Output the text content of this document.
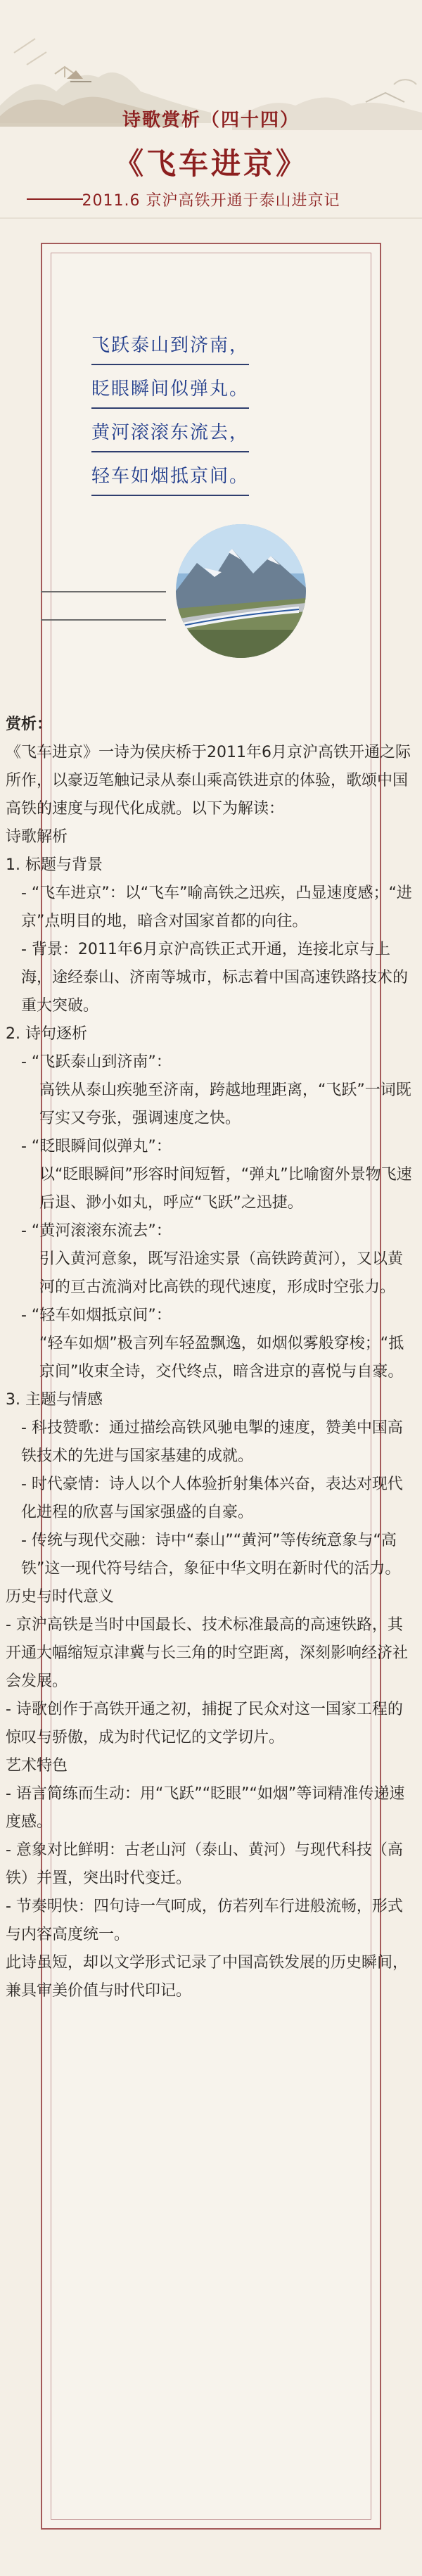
诗歌赏析（四十四）
《飞车进京》
2011.6 京沪高铁开通于泰山进京记
飞跃泰山到济南，
眨眼瞬间似弹丸。
黄河滚滚东流去，
轻车如烟抵京间。

赏析：

《飞车进京》一诗为侯庆桥于2011年6月京沪高铁开通之际所作，以豪迈笔触记录从泰山乘高铁进京的体验，歌颂中国高铁的速度与现代化成就。以下为解读：

诗歌解析

1. 标题与背景

- “飞车进京”：以“飞车”喻高铁之迅疾，凸显速度感；“进京”点明目的地，暗含对国家首都的向往。

- 背景：2011年6月京沪高铁正式开通，连接北京与上海，途经泰山、济南等城市，标志着中国高速铁路技术的重大突破。

2. 诗句逐析

- “飞跃泰山到济南”：

高铁从泰山疾驰至济南，跨越地理距离，“飞跃”一词既写实又夸张，强调速度之快。

- “眨眼瞬间似弹丸”：

以“眨眼瞬间”形容时间短暂，“弹丸”比喻窗外景物飞速后退、渺小如丸，呼应“飞跃”之迅捷。

- “黄河滚滚东流去”：

引入黄河意象，既写沿途实景（高铁跨黄河），又以黄河的亘古流淌对比高铁的现代速度，形成时空张力。

- “轻车如烟抵京间”：

“轻车如烟”极言列车轻盈飘逸，如烟似雾般穿梭；“抵京间”收束全诗，交代终点，暗含进京的喜悦与自豪。

3. 主题与情感

- 科技赞歌：通过描绘高铁风驰电掣的速度，赞美中国高铁技术的先进与国家基建的成就。

- 时代豪情：诗人以个人体验折射集体兴奋，表达对现代化进程的欣喜与国家强盛的自豪。

- 传统与现代交融：诗中“泰山”“黄河”等传统意象与“高铁”这一现代符号结合，象征中华文明在新时代的活力。

历史与时代意义

- 京沪高铁是当时中国最长、技术标准最高的高速铁路，其开通大幅缩短京津冀与长三角的时空距离，深刻影响经济社会发展。

- 诗歌创作于高铁开通之初，捕捉了民众对这一国家工程的惊叹与骄傲，成为时代记忆的文学切片。

艺术特色

- 语言简练而生动：用“飞跃”“眨眼”“如烟”等词精准传递速度感。

- 意象对比鲜明：古老山河（泰山、黄河）与现代科技（高铁）并置，突出时代变迁。

- 节奏明快：四句诗一气呵成，仿若列车行进般流畅，形式与内容高度统一。

此诗虽短，却以文学形式记录了中国高铁发展的历史瞬间，兼具审美价值与时代印记。
